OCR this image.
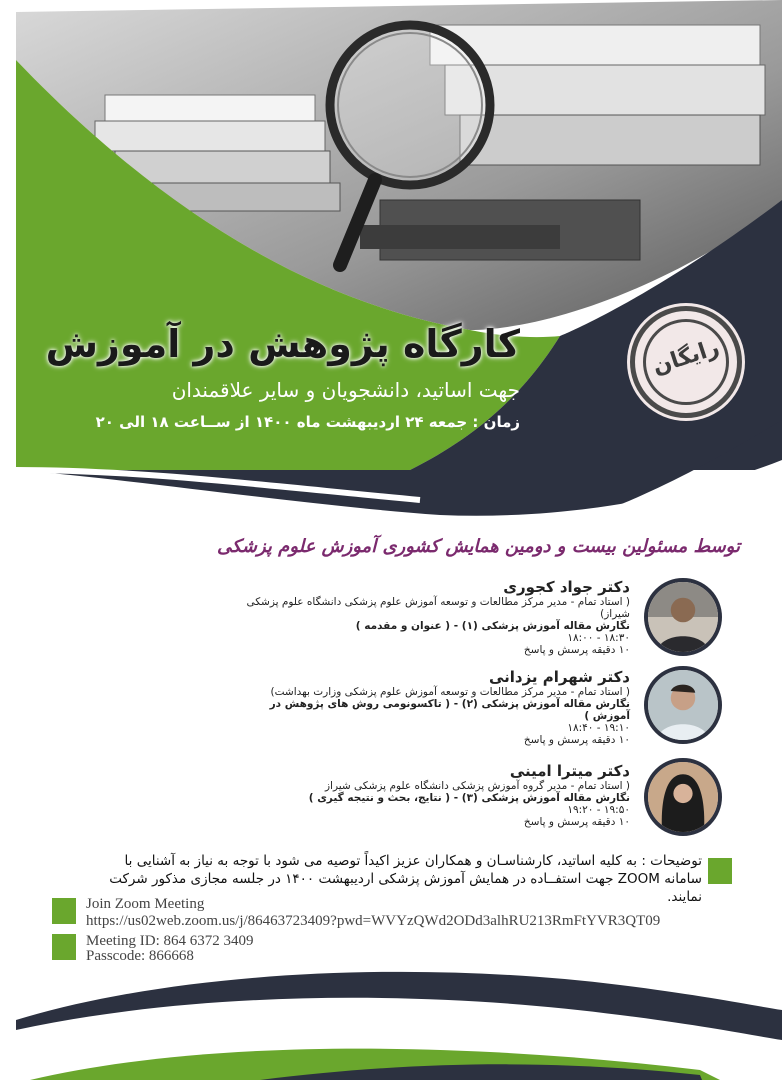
کارگاه پژوهش در آموزش
جهت اساتید، دانشجویان و سایر علاقمندان
زمان : جمعه ۲۴ اردیبهشت ماه ۱۴۰۰ از ســاعت ۱۸ الی ۲۰
رایگان
توسط مسئولین بیست و دومین همایش کشوری آموزش علوم پزشکی
دکتر جواد کجوری
( استاد تمام - مدیر مرکز مطالعات و توسعه آموزش علوم پزشکی دانشگاه علوم پزشکی شیراز)
نگارش مقاله آموزش پزشکی (۱) - ( عنوان و مقدمه )
۱۸:۳۰ - ۱۸:۰۰
۱۰ دقیقه پرسش و پاسخ
دکتر شهرام یزدانی
( استاد تمام - مدیر مرکز مطالعات و توسعه آموزش علوم پزشکی وزارت بهداشت)
نگارش مقاله آموزش پزشکی (۲) - ( تاکسونومی روش های پژوهش در آموزش )
۱۹:۱۰ - ۱۸:۴۰
۱۰ دقیقه پرسش و پاسخ
دکتر میترا امینی
( استاد تمام - مدیر گروه آموزش پزشکی دانشگاه علوم پزشکی شیراز
نگارش مقاله آموزش پزشکی (۳) - ( نتایج، بحث و نتیجه گیری )
۱۹:۵۰ - ۱۹:۲۰
۱۰ دقیقه پرسش و پاسخ
توضیحات : به کلیه اساتید، کارشناسـان و همکاران عزیز اکیداً توصیه می شود با توجه به نیاز به آشنایی با سامانه ZOOM جهت استفــاده در همایش آموزش پزشکی اردیبهشت ۱۴۰۰ در جلسه مجازی مذکور شرکت نمایند.
Join Zoom Meeting
https://us02web.zoom.us/j/86463723409?pwd=WVYzQWd2ODd3alhRU213RmFtYVR3QT09
Meeting ID: 864 6372 3409
Passcode: 866668
